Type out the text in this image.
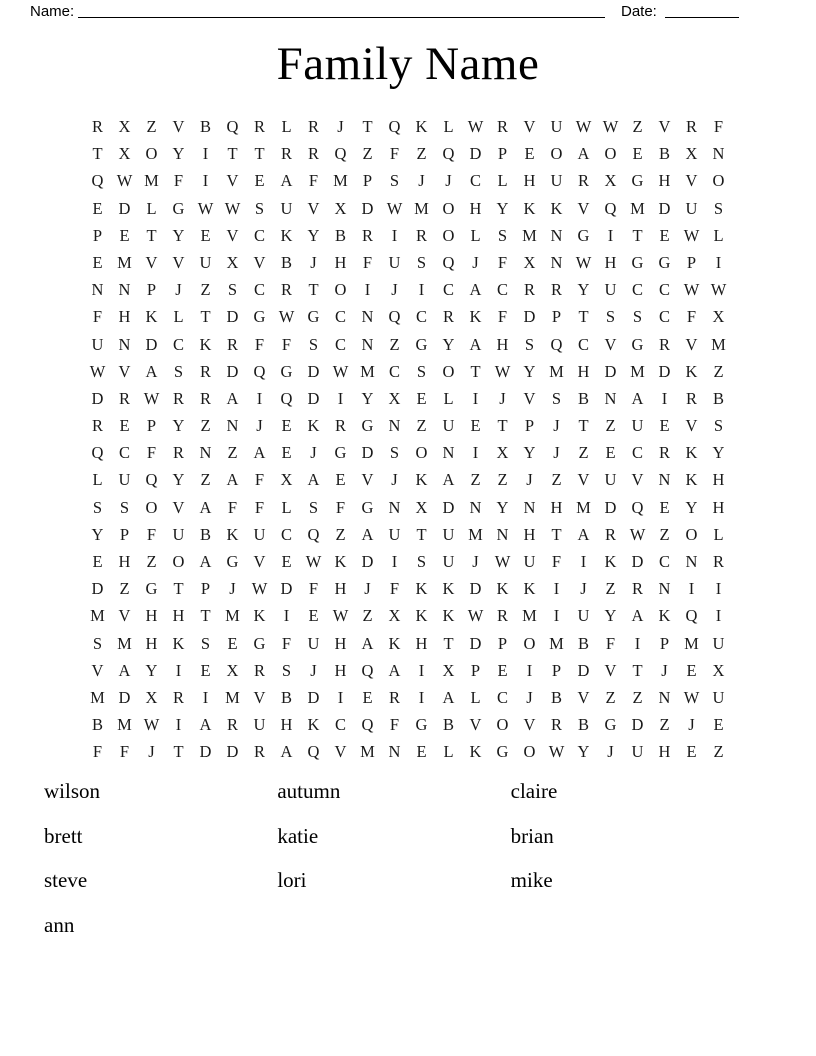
Name:	Date:
Family Name
R X Z V B Q R L R	J	T Q K L W R V U W W Z V R	F
T X O Y	I	T	T R R Q Z	F	Z Q D P	E O A O E B X N
Q W M F	I	V E A F M P	S	J	J	C L H U R X G H V O
E D L G W W S U V X D W M O H Y K K V Q M D U S
P	E	T Y E V C K Y B R	I	R O L	S M N G	I	T	E W L
E M V V U X V B	J	H F U S Q	J	F X N W H G G P	I
N N P	J	Z	S	C R T O	I	J	I	C A C R R Y U C C W W
F H K L	T D G W G C N Q C R K F D P	T	S	S	C	F X
U N D C K R	F	F	S	C N Z G Y A H S Q C V G R V M
W V A S	R D Q G D W M C	S O T W Y M H D M D K Z
D R W R R A	I	Q D	I	Y X E	L	I	J	V S	B N A	I	R B
R E	P Y Z N	J	E K R G N Z U E	T	P	J	T	Z U E V S
Q C	F	R N Z A E	J	G D S O N	I	X Y	J	Z	E C R K Y
L U Q Y Z A F X A E V	J	K A Z	Z	J	Z V U V N K H
S	S O V A F	F	L	S	F G N X D N Y N H M D Q E Y H
Y P	F U B K U C Q Z A U T U M N H T A R W Z O L
E H Z O A G V E W K D	I	S U	J W U F	I	K D C N R
D Z G T	P	J W D F H	J	F K K D K K	I	J	Z R N	I	I
M V H H T M K	I	E W Z X K K W R M	I	U Y A K Q	I
S M H K S	E G F U H A K H T D P O M B	F	I	P M U
V A Y	I	E X R	S	J	H Q A	I	X P	E	I	P D V T	J	E X
M D X R	I	M V B D	I	E R	I	A L C	J	B V Z	Z N W U
B M W I	A R U H K C Q F G B V O V R B G D Z	J	E
F	F	J	T D D R A Q V M N E	L K G O W Y	J	U H E	Z
wilson	autumn	claire
brett	katie	brian
steve	lori	mike
ann
